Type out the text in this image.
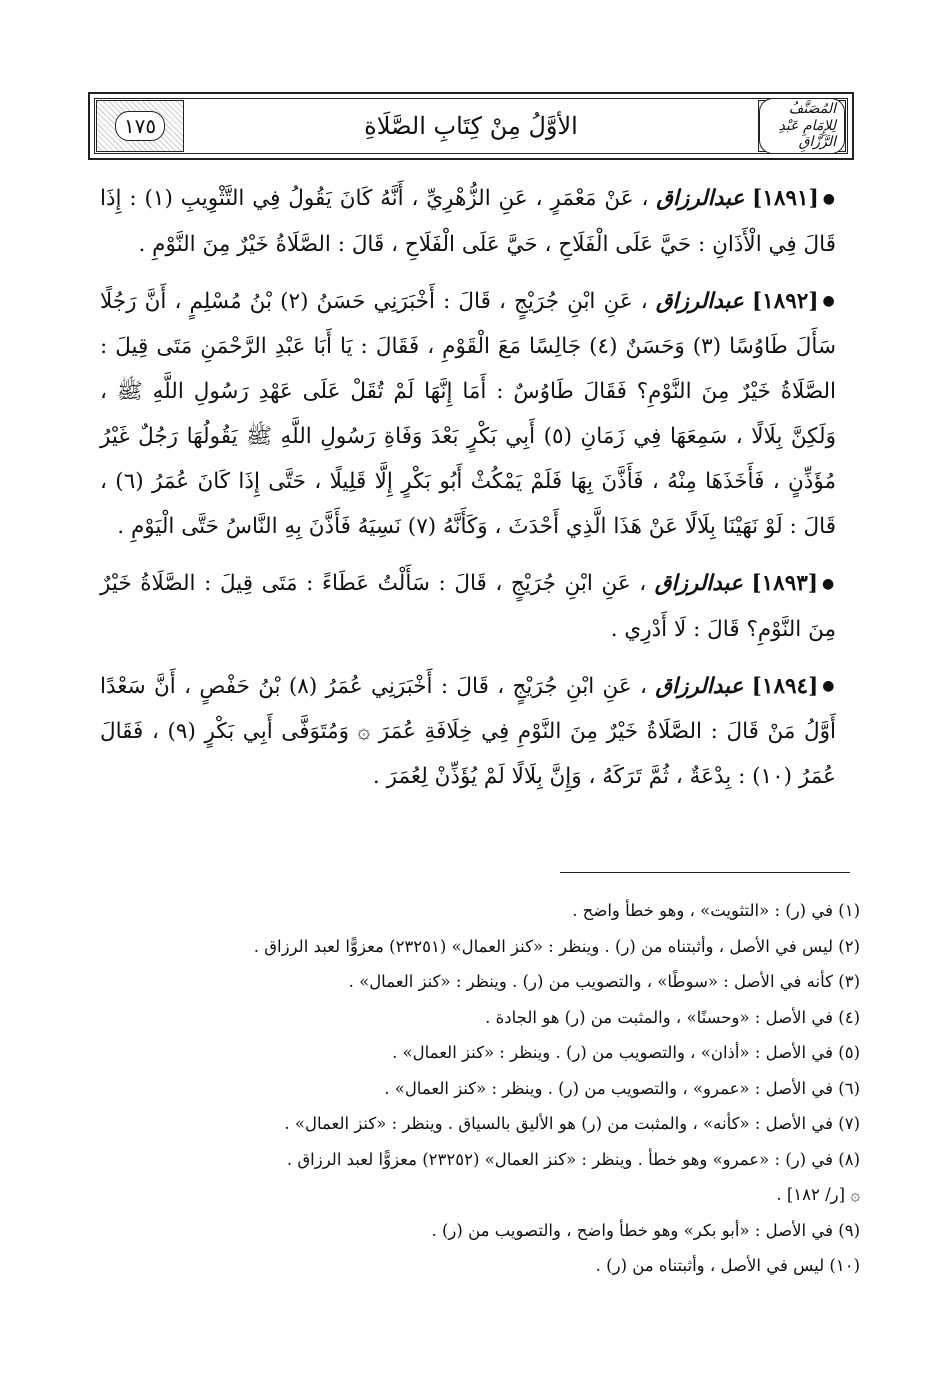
١٧٥	الأوَّلُ مِنْ كِتَابِ الصَّلَاةِ
المُصَنَّفُ لِلإِمَامِ عَبْدِ الرَّزَّاقِ

●[١٨٩١] عبدالرزاق ، عَنْ مَعْمَرٍ ، عَنِ الزُّهْرِيِّ ، أَنَّهُ كَانَ يَقُولُ فِي التَّثْوِيبِ (١) : إِذَا قَالَ فِي الْأَذَانِ : حَيَّ عَلَى الْفَلَاحِ ، حَيَّ عَلَى الْفَلَاحِ ، قَالَ : الصَّلَاةُ خَيْرٌ مِنَ النَّوْمِ .

●[١٨٩٢] عبدالرزاق ، عَنِ ابْنِ جُرَيْجٍ ، قَالَ : أَخْبَرَنِي حَسَنُ (٢) بْنُ مُسْلِمٍ ، أَنَّ رَجُلًا سَأَلَ طَاوُسًا (٣) وَحَسَنٌ (٤) جَالِسًا مَعَ الْقَوْمِ ، فَقَالَ : يَا أَبَا عَبْدِ الرَّحْمَنِ مَتَى قِيلَ : الصَّلَاةُ خَيْرٌ مِنَ النَّوْمِ؟ فَقَالَ طَاوُسٌ : أَمَا إِنَّهَا لَمْ تُقَلْ عَلَى عَهْدِ رَسُولِ اللَّهِ ﷺ ، وَلَكِنَّ بِلَالًا ، سَمِعَهَا فِي زَمَانِ (٥) أَبِي بَكْرٍ بَعْدَ وَفَاةِ رَسُولِ اللَّهِ ﷺ يَقُولُهَا رَجُلٌ غَيْرُ مُؤَذِّنٍ ، فَأَخَذَهَا مِنْهُ ، فَأَذَّنَ بِهَا فَلَمْ يَمْكُثْ أَبُو بَكْرٍ إِلَّا قَلِيلًا ، حَتَّى إِذَا كَانَ عُمَرُ (٦) ، قَالَ : لَوْ نَهَيْنَا بِلَالًا عَنْ هَذَا الَّذِي أَحْدَثَ ، وَكَأَنَّهُ (٧) نَسِيَهُ فَأَذَّنَ بِهِ النَّاسُ حَتَّى الْيَوْمِ .

●[١٨٩٣] عبدالرزاق ، عَنِ ابْنِ جُرَيْجٍ ، قَالَ : سَأَلْتُ عَطَاءً : مَتَى قِيلَ : الصَّلَاةُ خَيْرٌ مِنَ النَّوْمِ؟ قَالَ : لَا أَدْرِي .

●[١٨٩٤] عبدالرزاق ، عَنِ ابْنِ جُرَيْجٍ ، قَالَ : أَخْبَرَنِي عُمَرُ (٨) بْنُ حَفْصٍ ، أَنَّ سَعْدًا أَوَّلُ مَنْ قَالَ : الصَّلَاةُ خَيْرٌ مِنَ النَّوْمِ فِي خِلَافَةِ عُمَرَ ۞ وَمُتَوَفَّى أَبِي بَكْرٍ (٩) ، فَقَالَ عُمَرُ (١٠) : بِدْعَةٌ ، ثُمَّ تَرَكَهُ ، وَإِنَّ بِلَالًا لَمْ يُؤَذِّنْ لِعُمَرَ .

(١) في (ر) : «التثويت» ، وهو خطأ واضح .
(٢) ليس في الأصل ، وأثبتناه من (ر) . وينظر : «كنز العمال» (٢٣٢٥١) معزوًّا لعبد الرزاق .
(٣) كأنه في الأصل : «سوطًا» ، والتصويب من (ر) . وينظر : «كنز العمال» .
(٤) في الأصل : «وحسنًا» ، والمثبت من (ر) هو الجادة .
(٥) في الأصل : «أذان» ، والتصويب من (ر) . وينظر : «كنز العمال» .
(٦) في الأصل : «عمرو» ، والتصويب من (ر) . وينظر : «كنز العمال» .
(٧) في الأصل : «كأنه» ، والمثبت من (ر) هو الأليق بالسياق . وينظر : «كنز العمال» .
(٨) في (ر) : «عمرو» وهو خطأ . وينظر : «كنز العمال» (٢٣٢٥٢) معزوًّا لعبد الرزاق .
۞ [ر/ ١٨٢] .
(٩) في الأصل : «أبو بكر» وهو خطأ واضح ، والتصويب من (ر) .
(١٠) ليس في الأصل ، وأثبتناه من (ر) .
